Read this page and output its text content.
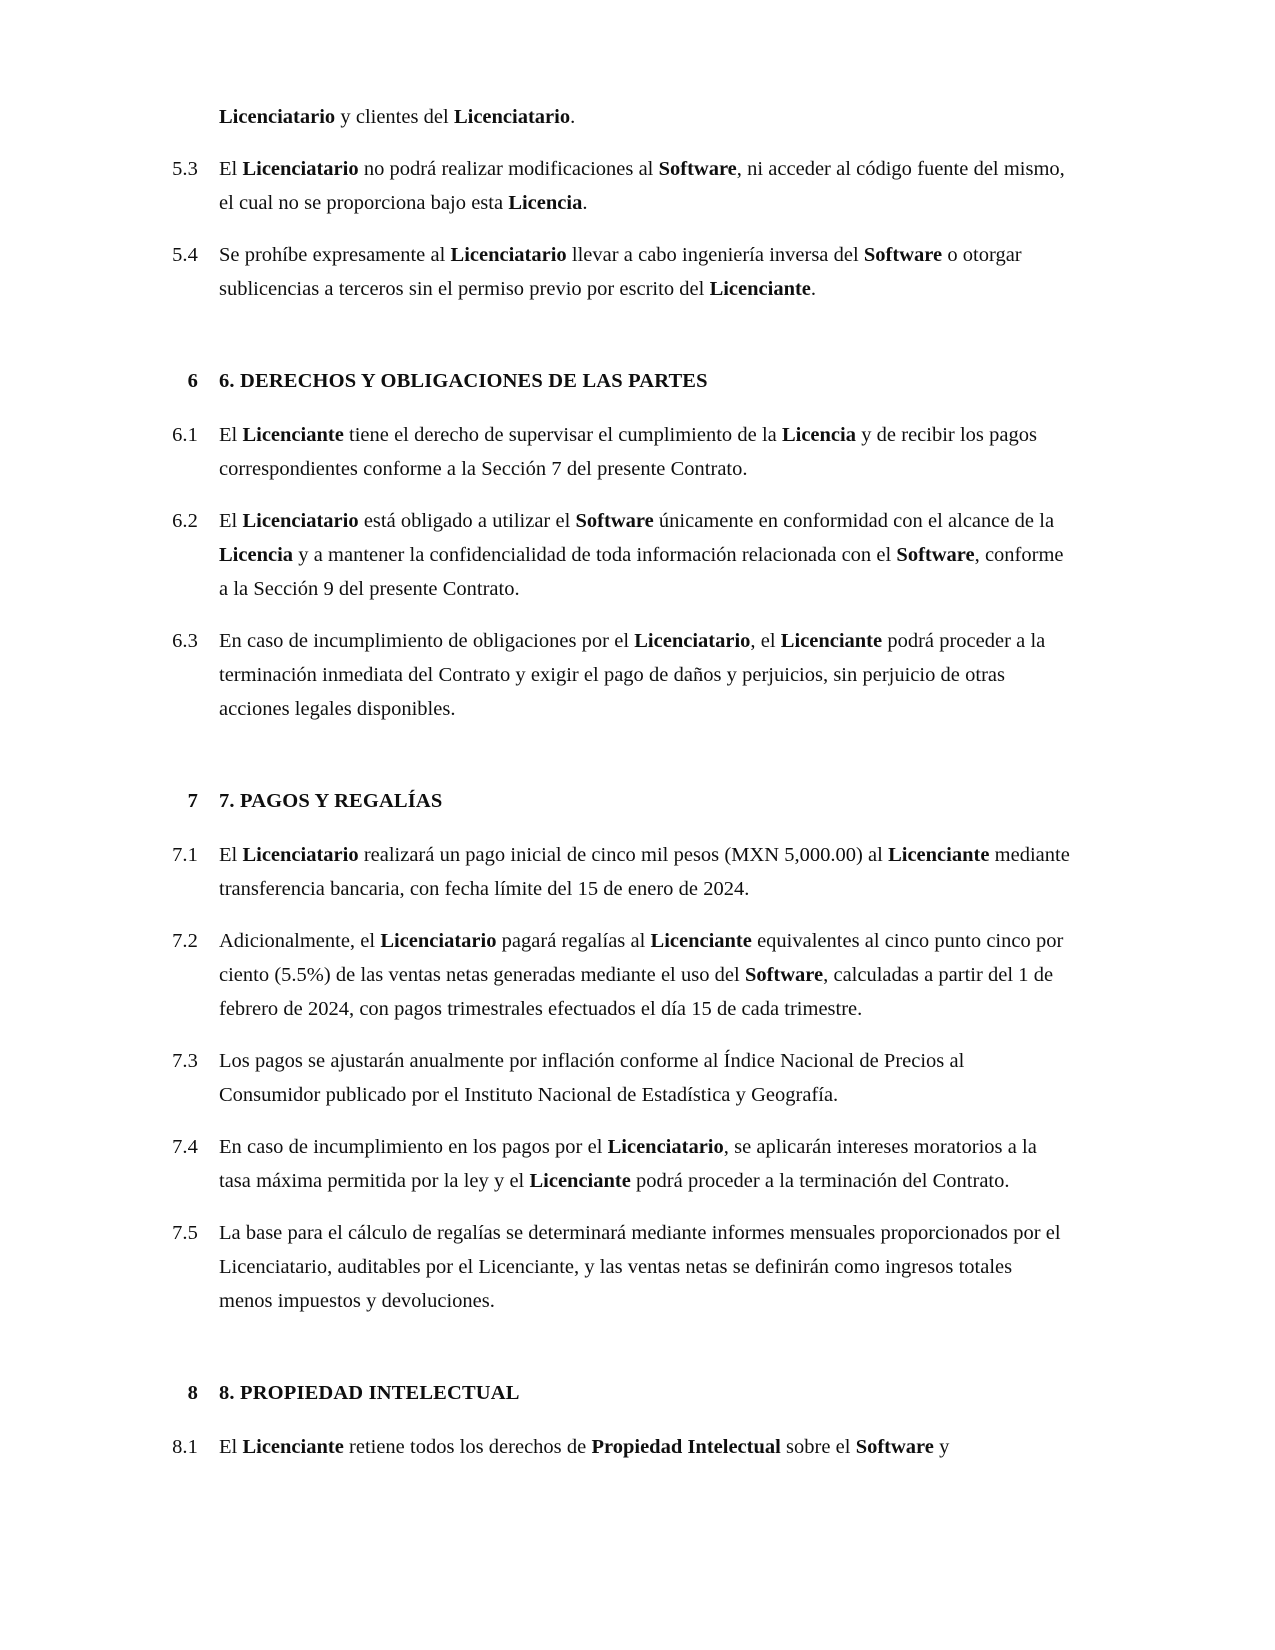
Licenciatario y clientes del Licenciatario.
5.3	El Licenciatario no podrá realizar modificaciones al Software, ni acceder al código fuente del mismo, el cual no se proporciona bajo esta Licencia.
5.4	Se prohíbe expresamente al Licenciatario llevar a cabo ingeniería inversa del Software o otorgar sublicencias a terceros sin el permiso previo por escrito del Licenciante.
6	6. DERECHOS Y OBLIGACIONES DE LAS PARTES
6.1	El Licenciante tiene el derecho de supervisar el cumplimiento de la Licencia y de recibir los pagos correspondientes conforme a la Sección 7 del presente Contrato.
6.2	El Licenciatario está obligado a utilizar el Software únicamente en conformidad con el alcance de la Licencia y a mantener la confidencialidad de toda información relacionada con el Software, conforme a la Sección 9 del presente Contrato.
6.3	En caso de incumplimiento de obligaciones por el Licenciatario, el Licenciante podrá proceder a la terminación inmediata del Contrato y exigir el pago de daños y perjuicios, sin perjuicio de otras acciones legales disponibles.
7	7. PAGOS Y REGALÍAS
7.1	El Licenciatario realizará un pago inicial de cinco mil pesos (MXN 5,000.00) al Licenciante mediante transferencia bancaria, con fecha límite del 15 de enero de 2024.
7.2	Adicionalmente, el Licenciatario pagará regalías al Licenciante equivalentes al cinco punto cinco por ciento (5.5%) de las ventas netas generadas mediante el uso del Software, calculadas a partir del 1 de febrero de 2024, con pagos trimestrales efectuados el día 15 de cada trimestre.
7.3	Los pagos se ajustarán anualmente por inflación conforme al Índice Nacional de Precios al Consumidor publicado por el Instituto Nacional de Estadística y Geografía.
7.4	En caso de incumplimiento en los pagos por el Licenciatario, se aplicarán intereses moratorios a la tasa máxima permitida por la ley y el Licenciante podrá proceder a la terminación del Contrato.
7.5	La base para el cálculo de regalías se determinará mediante informes mensuales proporcionados por el Licenciatario, auditables por el Licenciante, y las ventas netas se definirán como ingresos totales menos impuestos y devoluciones.
8	8. PROPIEDAD INTELECTUAL
8.1	El Licenciante retiene todos los derechos de Propiedad Intelectual sobre el Software y
